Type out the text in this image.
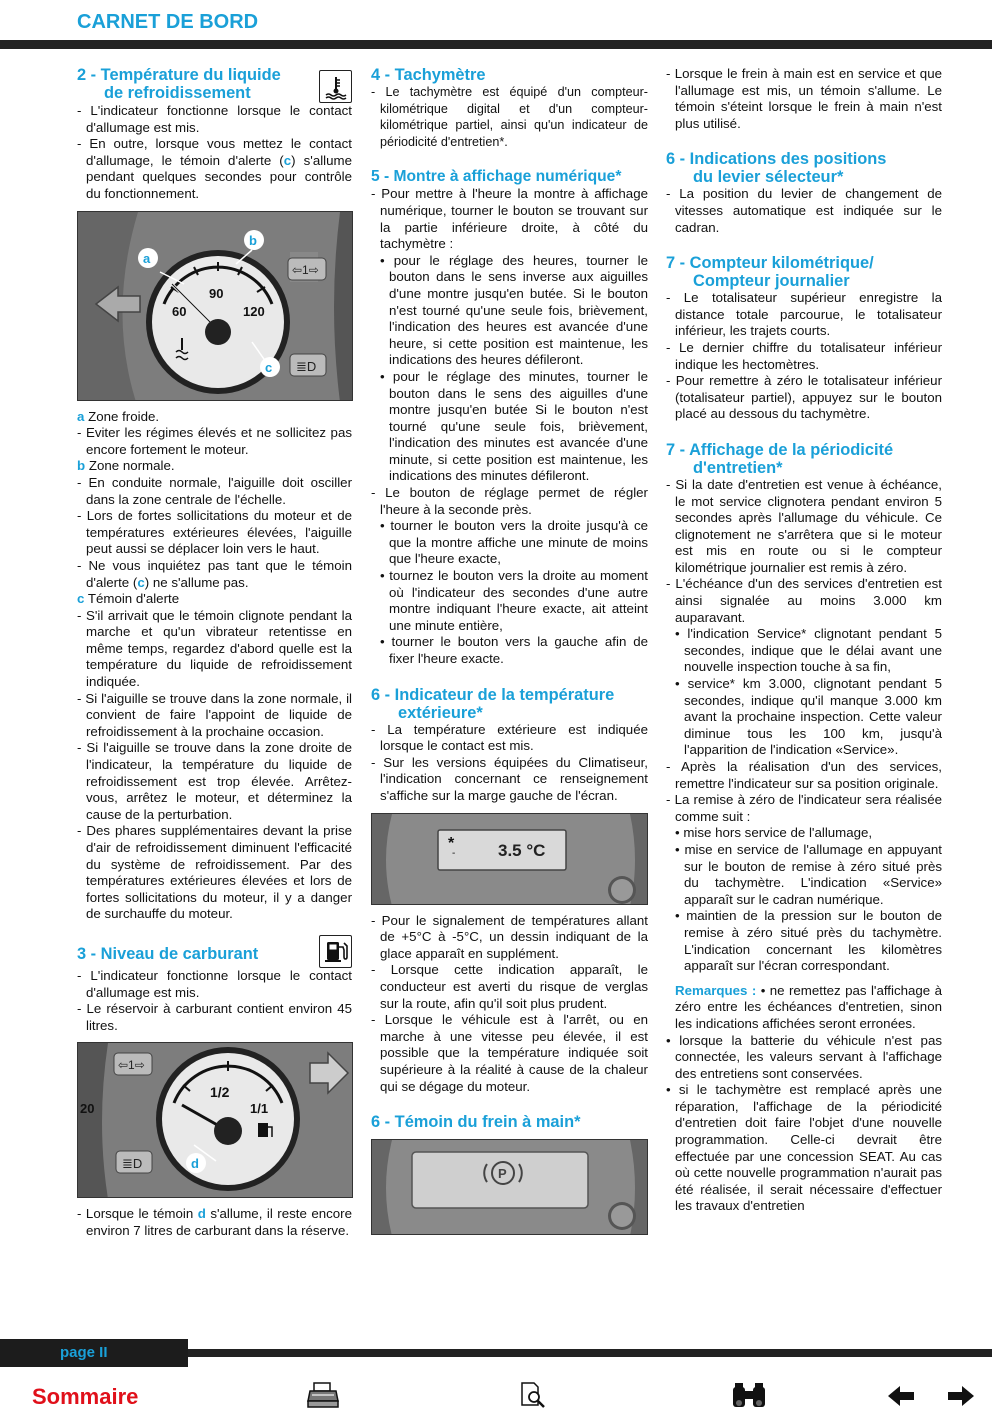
CARNET DE BORD
2 - Température du liquide
de refroidissement

- L'indicateur fonctionne lorsque le contact d'allumage est mis.

- En outre, lorsque vous mettez le contact d'allumage, le témoin d'alerte (c) s'allume pendant quelques secondes pour contrôle du fonctionnement.

90
120
60
⇦1⇨
≣D
a
b
c

a Zone froide.

- Eviter les régimes élevés et ne sollicitez pas encore fortement le moteur.

b Zone normale.

- En conduite normale, l'aiguille doit osciller dans la zone centrale de l'échelle.

- Lors de fortes sollicitations du moteur et de températures extérieures élevées, l'aiguille peut aussi se déplacer loin vers le haut.

- Ne vous inquiétez pas tant que le témoin d'alerte (c) ne s'allume pas.

c Témoin d'alerte

- S'il arrivait que le témoin clignote pendant la marche et qu'un vibrateur retentisse en même temps, regardez d'abord quelle est la température du liquide de refroidissement indiquée.

- Si l'aiguille se trouve dans la zone normale, il convient de faire l'appoint de liquide de refroidissement à la prochaine occasion.

- Si l'aiguille se trouve dans la zone droite de l'indicateur, la température du liquide de refroidissement est trop élevée. Arrêtez-vous, arrêtez le moteur, et déterminez la cause de la perturbation.

- Des phares supplémentaires devant la prise d'air de refroidissement diminuent l'efficacité du système de refroidissement. Par des températures extérieures élevées et lors de fortes sollicitations du moteur, il y a danger de surchauffe du moteur.

3 - Niveau de carburant

- L'indicateur fonctionne lorsque le contact d'allumage est mis.

- Le réservoir à carburant contient environ 45 litres.

20
⇦1⇨
≣D
1/2
1/1
d

- Lorsque le témoin d s'allume, il reste encore environ 7 litres de carburant dans la réserve.

4 - Tachymètre

- Le tachymètre est équipé d'un compteur-kilométrique digital et d'un compteur-kilométrique partiel, ainsi qu'un indicateur de périodicité d'entretien*.

5 - Montre à affichage numérique*

- Pour mettre à l'heure la montre à affichage numérique, tourner le bouton se trouvant sur la partie inférieure droite, à côté du tachymètre :

• pour le réglage des heures, tourner le bouton dans le sens inverse aux aiguilles d'une montre jusqu'en butée. Si le bouton n'est tourné qu'une seule fois, brièvement, l'indication des heures est avancée d'une heure, si cette position est maintenue, les indications des heures défileront.

• pour le réglage des minutes, tourner le bouton dans le sens des aiguilles d'une montre jusqu'en butée Si le bouton n'est tourné qu'une seule fois, brièvement, l'indication des minutes est avancée d'une minute, si cette position est maintenue, les indications des minutes défileront.

- Le bouton de réglage permet de régler l'heure à la seconde près.

• tourner le bouton vers la droite jusqu'à ce que la montre affiche une minute de moins que l'heure exacte,

• tournez le bouton vers la droite au moment où l'indicateur des secondes d'une autre montre indiquant l'heure exacte, ait atteint une minute entière,

• tourner le bouton vers la gauche afin de fixer l'heure exacte.

6 - Indicateur de la température
extérieure*

- La température extérieure est indiquée lorsque le contact est mis.

- Sur les versions équipées du Climatiseur, l'indication concernant ce renseignement s'affiche sur la marge gauche de l'écran.

*
-	3.5 °C

- Pour le signalement de températures allant de +5°C à -5°C, un dessin indiquant de la glace apparaît en supplément.

- Lorsque cette indication apparaît, le conducteur est averti du risque de verglas sur la route, afin qu'il soit plus prudent.

- Lorsque le véhicule est à l'arrêt, ou en marche à une vitesse peu élevée, il est possible que la température indiquée soit supérieure à la réalité à cause de la chaleur qui se dégage du moteur.

6 - Témoin du frein à main*
P

- Lorsque le frein à main est en service et que l'allumage est mis, un témoin s'allume. Le témoin s'éteint lorsque le frein à main n'est plus utilisé.

6 - Indications des positions
du levier sélecteur*

- La position du levier de changement de vitesses automatique est indiquée sur le cadran.

7 - Compteur kilométrique/
Compteur journalier

- Le totalisateur supérieur enregistre la distance totale parcourue, le totalisateur inférieur, les trajets courts.

- Le dernier chiffre du totalisateur inférieur indique les hectomètres.

- Pour remettre à zéro le totalisateur inférieur (totalisateur partiel), appuyez sur le bouton placé au dessous du tachymètre.

7 - Affichage de la périodicité
d'entretien*

- Si la date d'entretien est venue à échéance, le mot service clignotera pendant environ 5 secondes après l'allumage du véhicule. Ce clignotement ne s'arrêtera que si le moteur est mis en route ou si le compteur kilométrique journalier est remis à zéro.

- L'échéance d'un des services d'entretien est ainsi signalée au moins 3.000 km auparavant.

• l'indication Service* clignotant pendant 5 secondes, indique que le délai avant une nouvelle inspection touche à sa fin,

• service* km 3.000, clignotant pendant 5 secondes, indique qu'il manque 3.000 km avant la prochaine inspection. Cette valeur diminue tous les 100 km, jusqu'à l'apparition de l'indication «Service».

- Après la réalisation d'un des services, remettre l'indicateur sur sa position originale.

- La remise à zéro de l'indicateur sera réalisée comme suit :

• mise hors service de l'allumage,

• mise en service de l'allumage en appuyant sur le bouton de remise à zéro situé près du tachymètre. L'indication «Service» apparaît sur le cadran numérique.

• maintien de la pression sur le bouton de remise à zéro situé près du tachymètre. L'indication concernant les kilomètres apparaît sur l'écran correspondant.

Remarques : • ne remettez pas l'affichage à zéro entre les échéances d'entretien, sinon les indications affichées seront erronées.

• lorsque la batterie du véhicule n'est pas connectée, les valeurs servant à l'affichage des entretiens sont conservées.

• si le tachymètre est remplacé après une réparation, l'affichage de la périodicité d'entretien doit faire l'objet d'une nouvelle programmation. Celle-ci devrait être effectuée par une concession SEAT. Au cas où cette nouvelle programmation n'aurait pas été réalisée, il serait nécessaire d'effectuer les travaux d'entretien

page II
Sommaire
